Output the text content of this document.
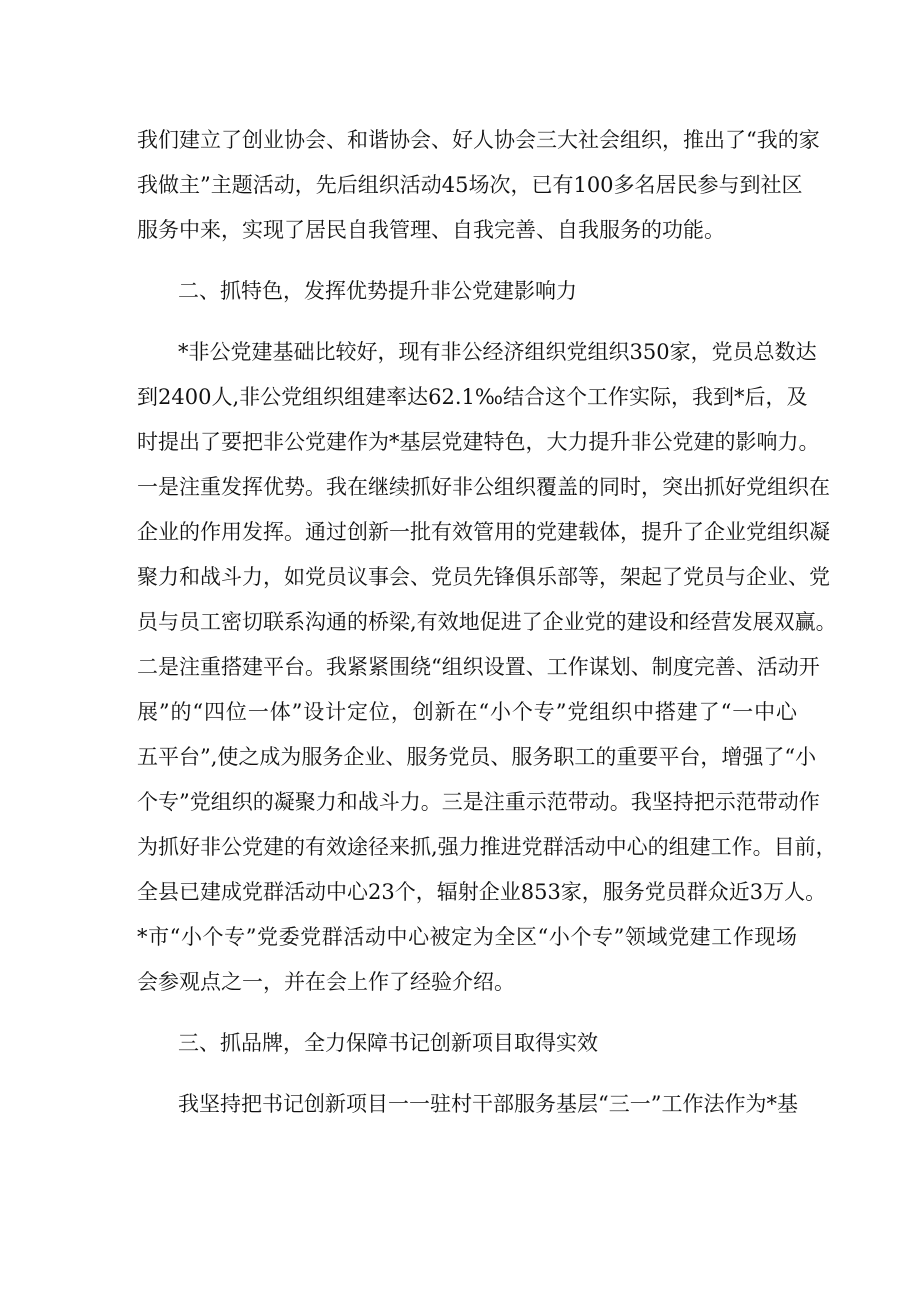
我们建立了创业协会、和谐协会、好人协会三大社会组织，推出了“我的家
我做主”主题活动，先后组织活动45场次，已有100多名居民参与到社区
服务中来，实现了居民自我管理、自我完善、自我服务的功能。
二、抓特色，发挥优势提升非公党建影响力
*非公党建基础比较好，现有非公经济组织党组织350家，党员总数达
到2400人,非公党组织组建率达62.1‰结合这个工作实际，我到*后，及
时提出了要把非公党建作为*基层党建特色，大力提升非公党建的影响力。
一是注重发挥优势。我在继续抓好非公组织覆盖的同时，突出抓好党组织在
企业的作用发挥。通过创新一批有效管用的党建载体，提升了企业党组织凝
聚力和战斗力，如党员议事会、党员先锋俱乐部等，架起了党员与企业、党
员与员工密切联系沟通的桥梁,有效地促进了企业党的建设和经营发展双赢。
二是注重搭建平台。我紧紧围绕“组织设置、工作谋划、制度完善、活动开
展”的“四位一体”设计定位，创新在“小个专”党组织中搭建了“一中心
五平台”,使之成为服务企业、服务党员、服务职工的重要平台，增强了“小
个专”党组织的凝聚力和战斗力。三是注重示范带动。我坚持把示范带动作
为抓好非公党建的有效途径来抓,强力推进党群活动中心的组建工作。目前，
全县已建成党群活动中心23个，辐射企业853家，服务党员群众近3万人。
*市“小个专”党委党群活动中心被定为全区“小个专”领域党建工作现场
会参观点之一，并在会上作了经验介绍。
三、抓品牌，全力保障书记创新项目取得实效
我坚持把书记创新项目一一驻村干部服务基层“三一”工作法作为*基
